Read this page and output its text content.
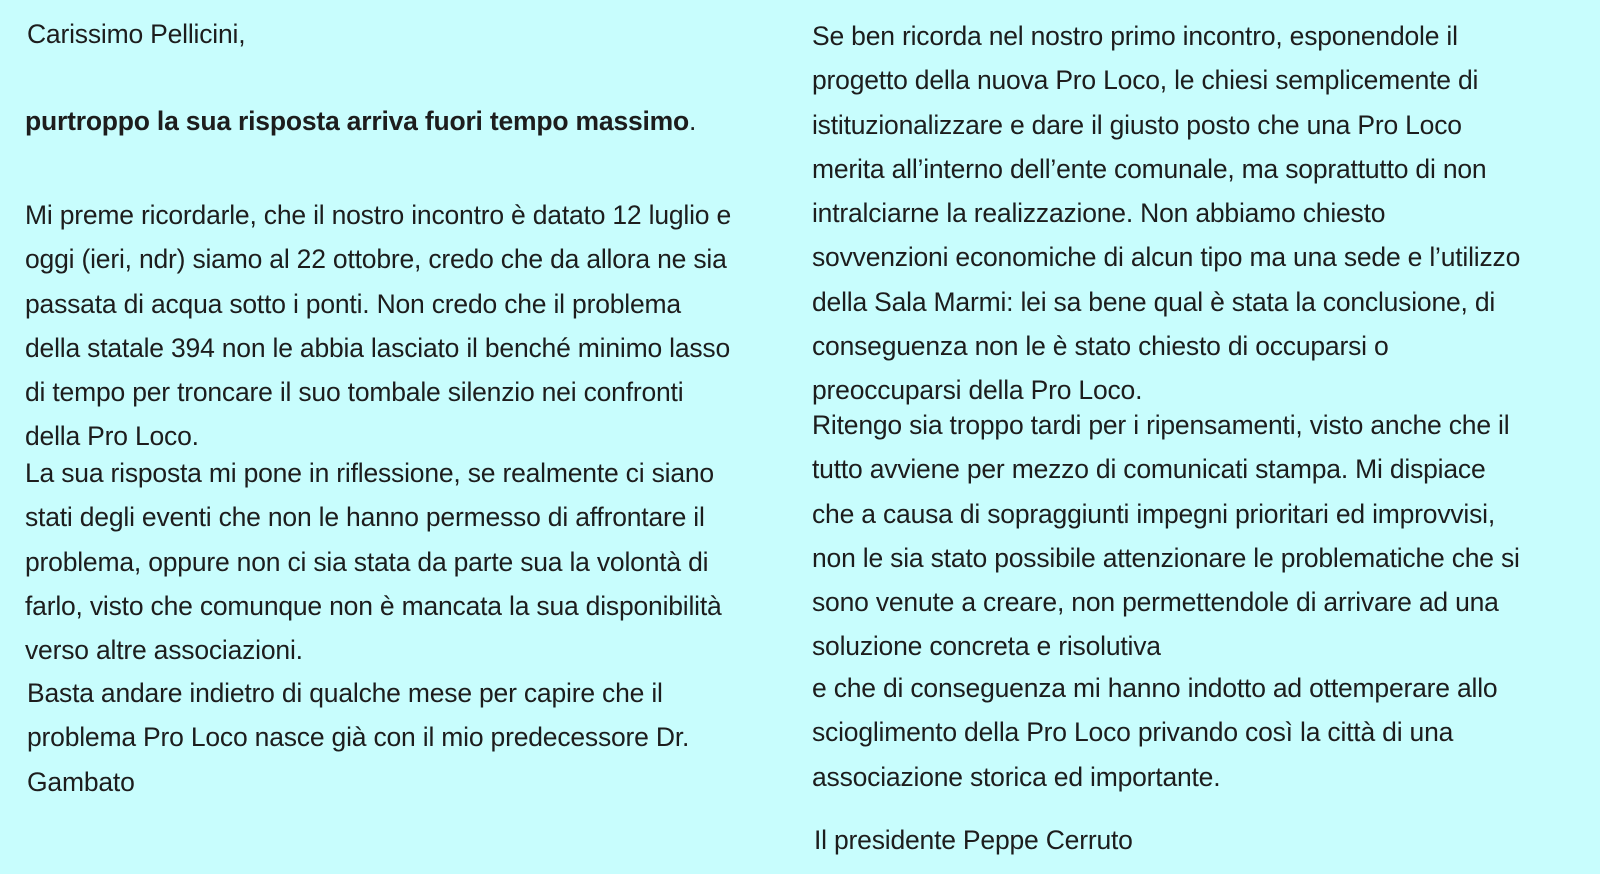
Carissimo Pellicini,

purtroppo la sua risposta arriva fuori tempo massimo.

Mi preme ricordarle, che il nostro incontro è datato 12 luglio e
oggi (ieri, ndr) siamo al 22 ottobre, credo che da allora ne sia
passata di acqua sotto i ponti. Non credo che il problema
della statale 394 non le abbia lasciato il benché minimo lasso
di tempo per troncare il suo tombale silenzio nei confronti
della Pro Loco.

La sua risposta mi pone in riflessione, se realmente ci siano
stati degli eventi che non le hanno permesso di affrontare il
problema, oppure non ci sia stata da parte sua la volontà di
farlo, visto che comunque non è mancata la sua disponibilità
verso altre associazioni.

Basta andare indietro di qualche mese per capire che il
problema Pro Loco nasce già con il mio predecessore Dr.
Gambato

Se ben ricorda nel nostro primo incontro, esponendole il
progetto della nuova Pro Loco, le chiesi semplicemente di
istituzionalizzare e dare il giusto posto che una Pro Loco
merita all’interno dell’ente comunale, ma soprattutto di non
intralciarne la realizzazione. Non abbiamo chiesto
sovvenzioni economiche di alcun tipo ma una sede e l’utilizzo
della Sala Marmi: lei sa bene qual è stata la conclusione, di
conseguenza non le è stato chiesto di occuparsi o
preoccuparsi della Pro Loco.

Ritengo sia troppo tardi per i ripensamenti, visto anche che il
tutto avviene per mezzo di comunicati stampa. Mi dispiace
che a causa di sopraggiunti impegni prioritari ed improvvisi,
non le sia stato possibile attenzionare le problematiche che si
sono venute a creare, non permettendole di arrivare ad una
soluzione concreta e risolutiva

e che di conseguenza mi hanno indotto ad ottemperare allo
scioglimento della Pro Loco privando così la città di una
associazione storica ed importante.

Il presidente Peppe Cerruto
